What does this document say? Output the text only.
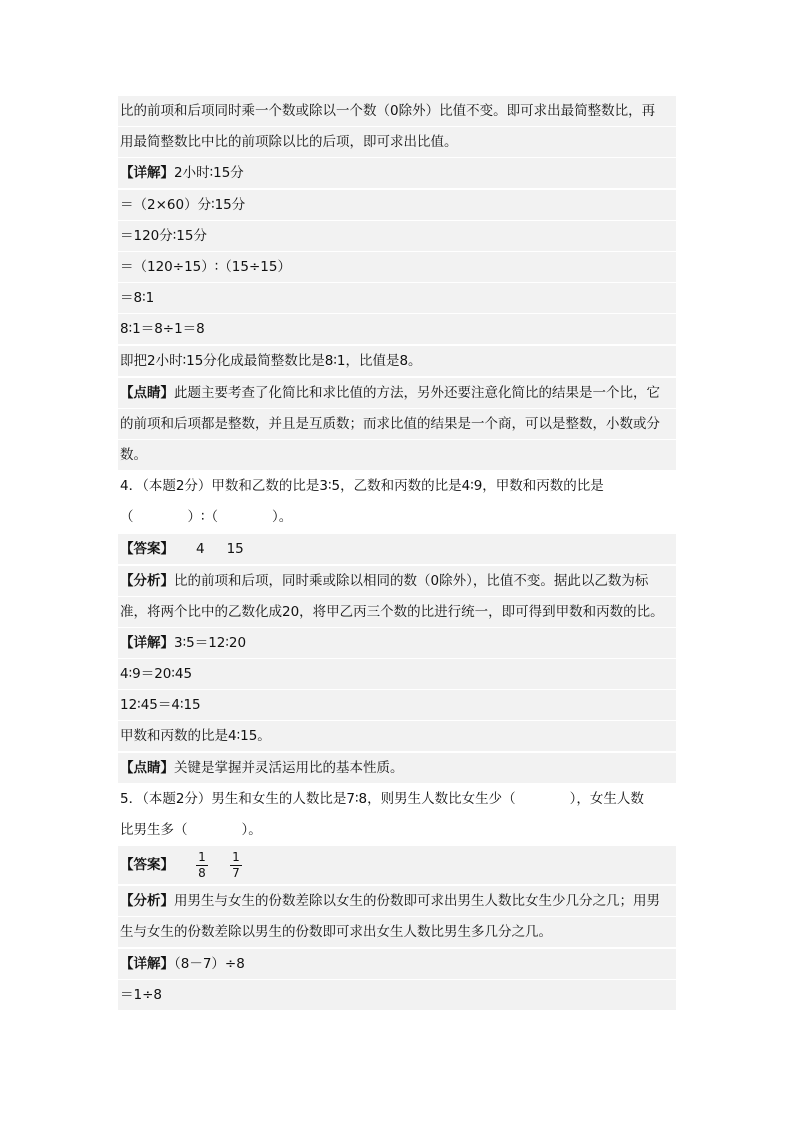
比的前项和后项同时乘一个数或除以一个数（0除外）比值不变。即可求出最简整数比，再
用最简整数比中比的前项除以比的后项，即可求出比值。
【详解】2小时∶15分
＝（2×60）分∶15分
＝120分∶15分
＝（120÷15）∶（15÷15）
＝8∶1
8∶1＝8÷1＝8
即把2小时∶15分化成最简整数比是8∶1，比值是8。
【点睛】此题主要考查了化简比和求比值的方法，另外还要注意化简比的结果是一个比，它
的前项和后项都是整数，并且是互质数；而求比值的结果是一个商，可以是整数，小数或分
数。
4．（本题2分）甲数和乙数的比是3∶5，乙数和丙数的比是4∶9，甲数和丙数的比是
（　　　　）∶（　　　　）。
【答案】 4 15
【分析】比的前项和后项，同时乘或除以相同的数（0除外），比值不变。据此以乙数为标
准，将两个比中的乙数化成20，将甲乙丙三个数的比进行统一，即可得到甲数和丙数的比。
【详解】3∶5＝12∶20
4∶9＝20∶45
12∶45＝4∶15
甲数和丙数的比是4∶15。
【点睛】关键是掌握并灵活运用比的基本性质。
5．（本题2分）男生和女生的人数比是7∶8，则男生人数比女生少（　　　　），女生人数
比男生多（　　　　）。
【答案】 $\frac{1}{8} \frac{1}{7}$
【分析】用男生与女生的份数差除以女生的份数即可求出男生人数比女生少几分之几；用男
生与女生的份数差除以男生的份数即可求出女生人数比男生多几分之几。
【详解】（8－7）÷8
＝1÷8
